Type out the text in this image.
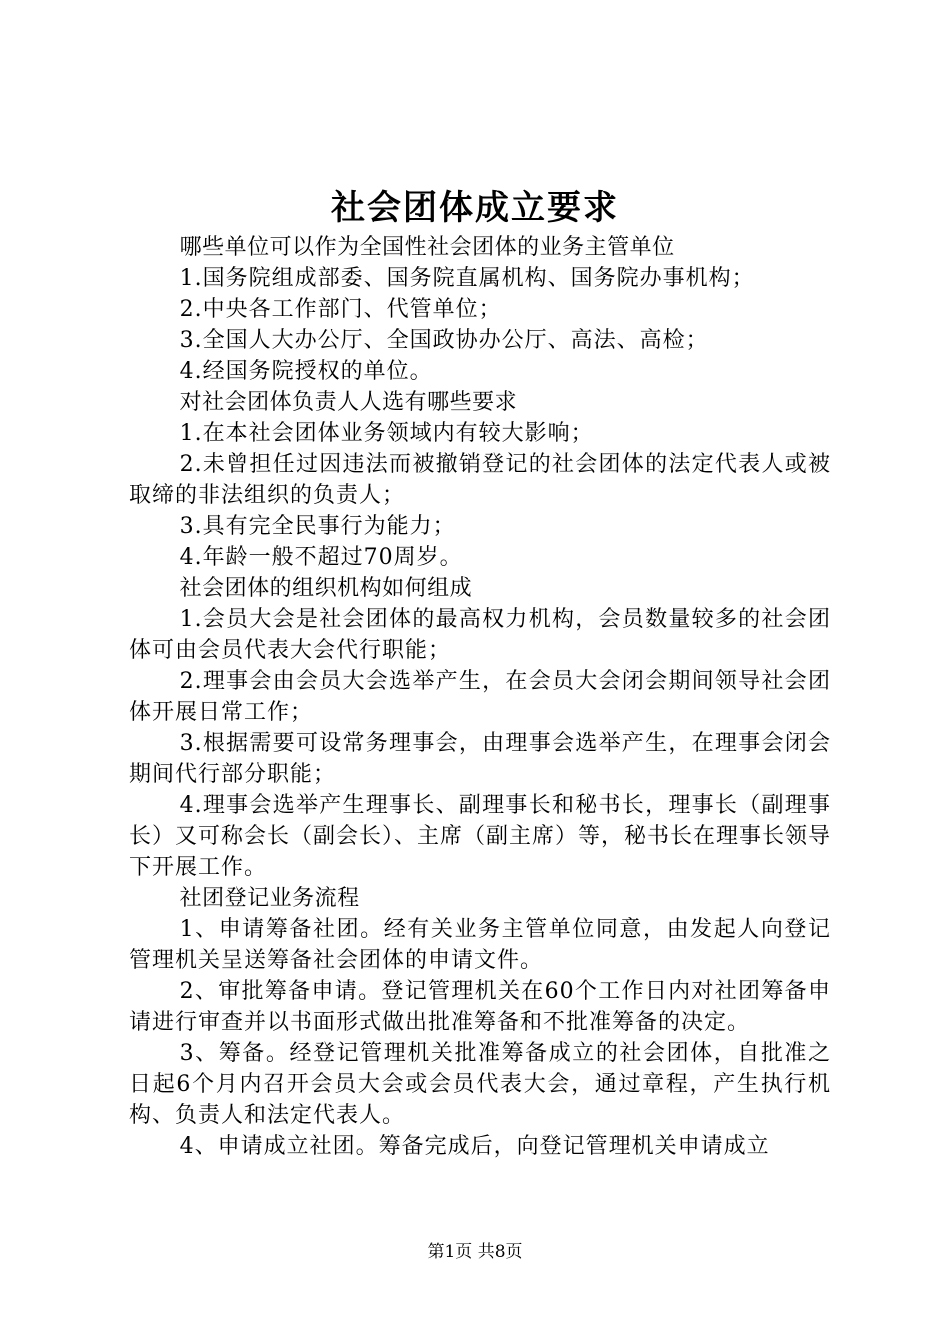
社会团体成立要求

哪些单位可以作为全国性社会团体的业务主管单位

1.国务院组成部委、国务院直属机构、国务院办事机构；

2.中央各工作部门、代管单位；

3.全国人大办公厅、全国政协办公厅、高法、高检；

4.经国务院授权的单位。

对社会团体负责人人选有哪些要求

1.在本社会团体业务领域内有较大影响；

2.未曾担任过因违法而被撤销登记的社会团体的法定代表人或被取缔的非法组织的负责人；

3.具有完全民事行为能力；

4.年龄一般不超过70周岁。

社会团体的组织机构如何组成

1.会员大会是社会团体的最高权力机构，会员数量较多的社会团体可由会员代表大会代行职能；

2.理事会由会员大会选举产生，在会员大会闭会期间领导社会团体开展日常工作；

3.根据需要可设常务理事会，由理事会选举产生，在理事会闭会期间代行部分职能；

4.理事会选举产生理事长、副理事长和秘书长，理事长（副理事长）又可称会长（副会长）、主席（副主席）等，秘书长在理事长领导下开展工作。

社团登记业务流程

1、申请筹备社团。经有关业务主管单位同意，由发起人向登记管理机关呈送筹备社会团体的申请文件。

2、审批筹备申请。登记管理机关在60个工作日内对社团筹备申请进行审查并以书面形式做出批准筹备和不批准筹备的决定。

3、筹备。经登记管理机关批准筹备成立的社会团体，自批准之日起6个月内召开会员大会或会员代表大会，通过章程，产生执行机构、负责人和法定代表人。

4、申请成立社团。筹备完成后，向登记管理机关申请成立

第1页 共8页
